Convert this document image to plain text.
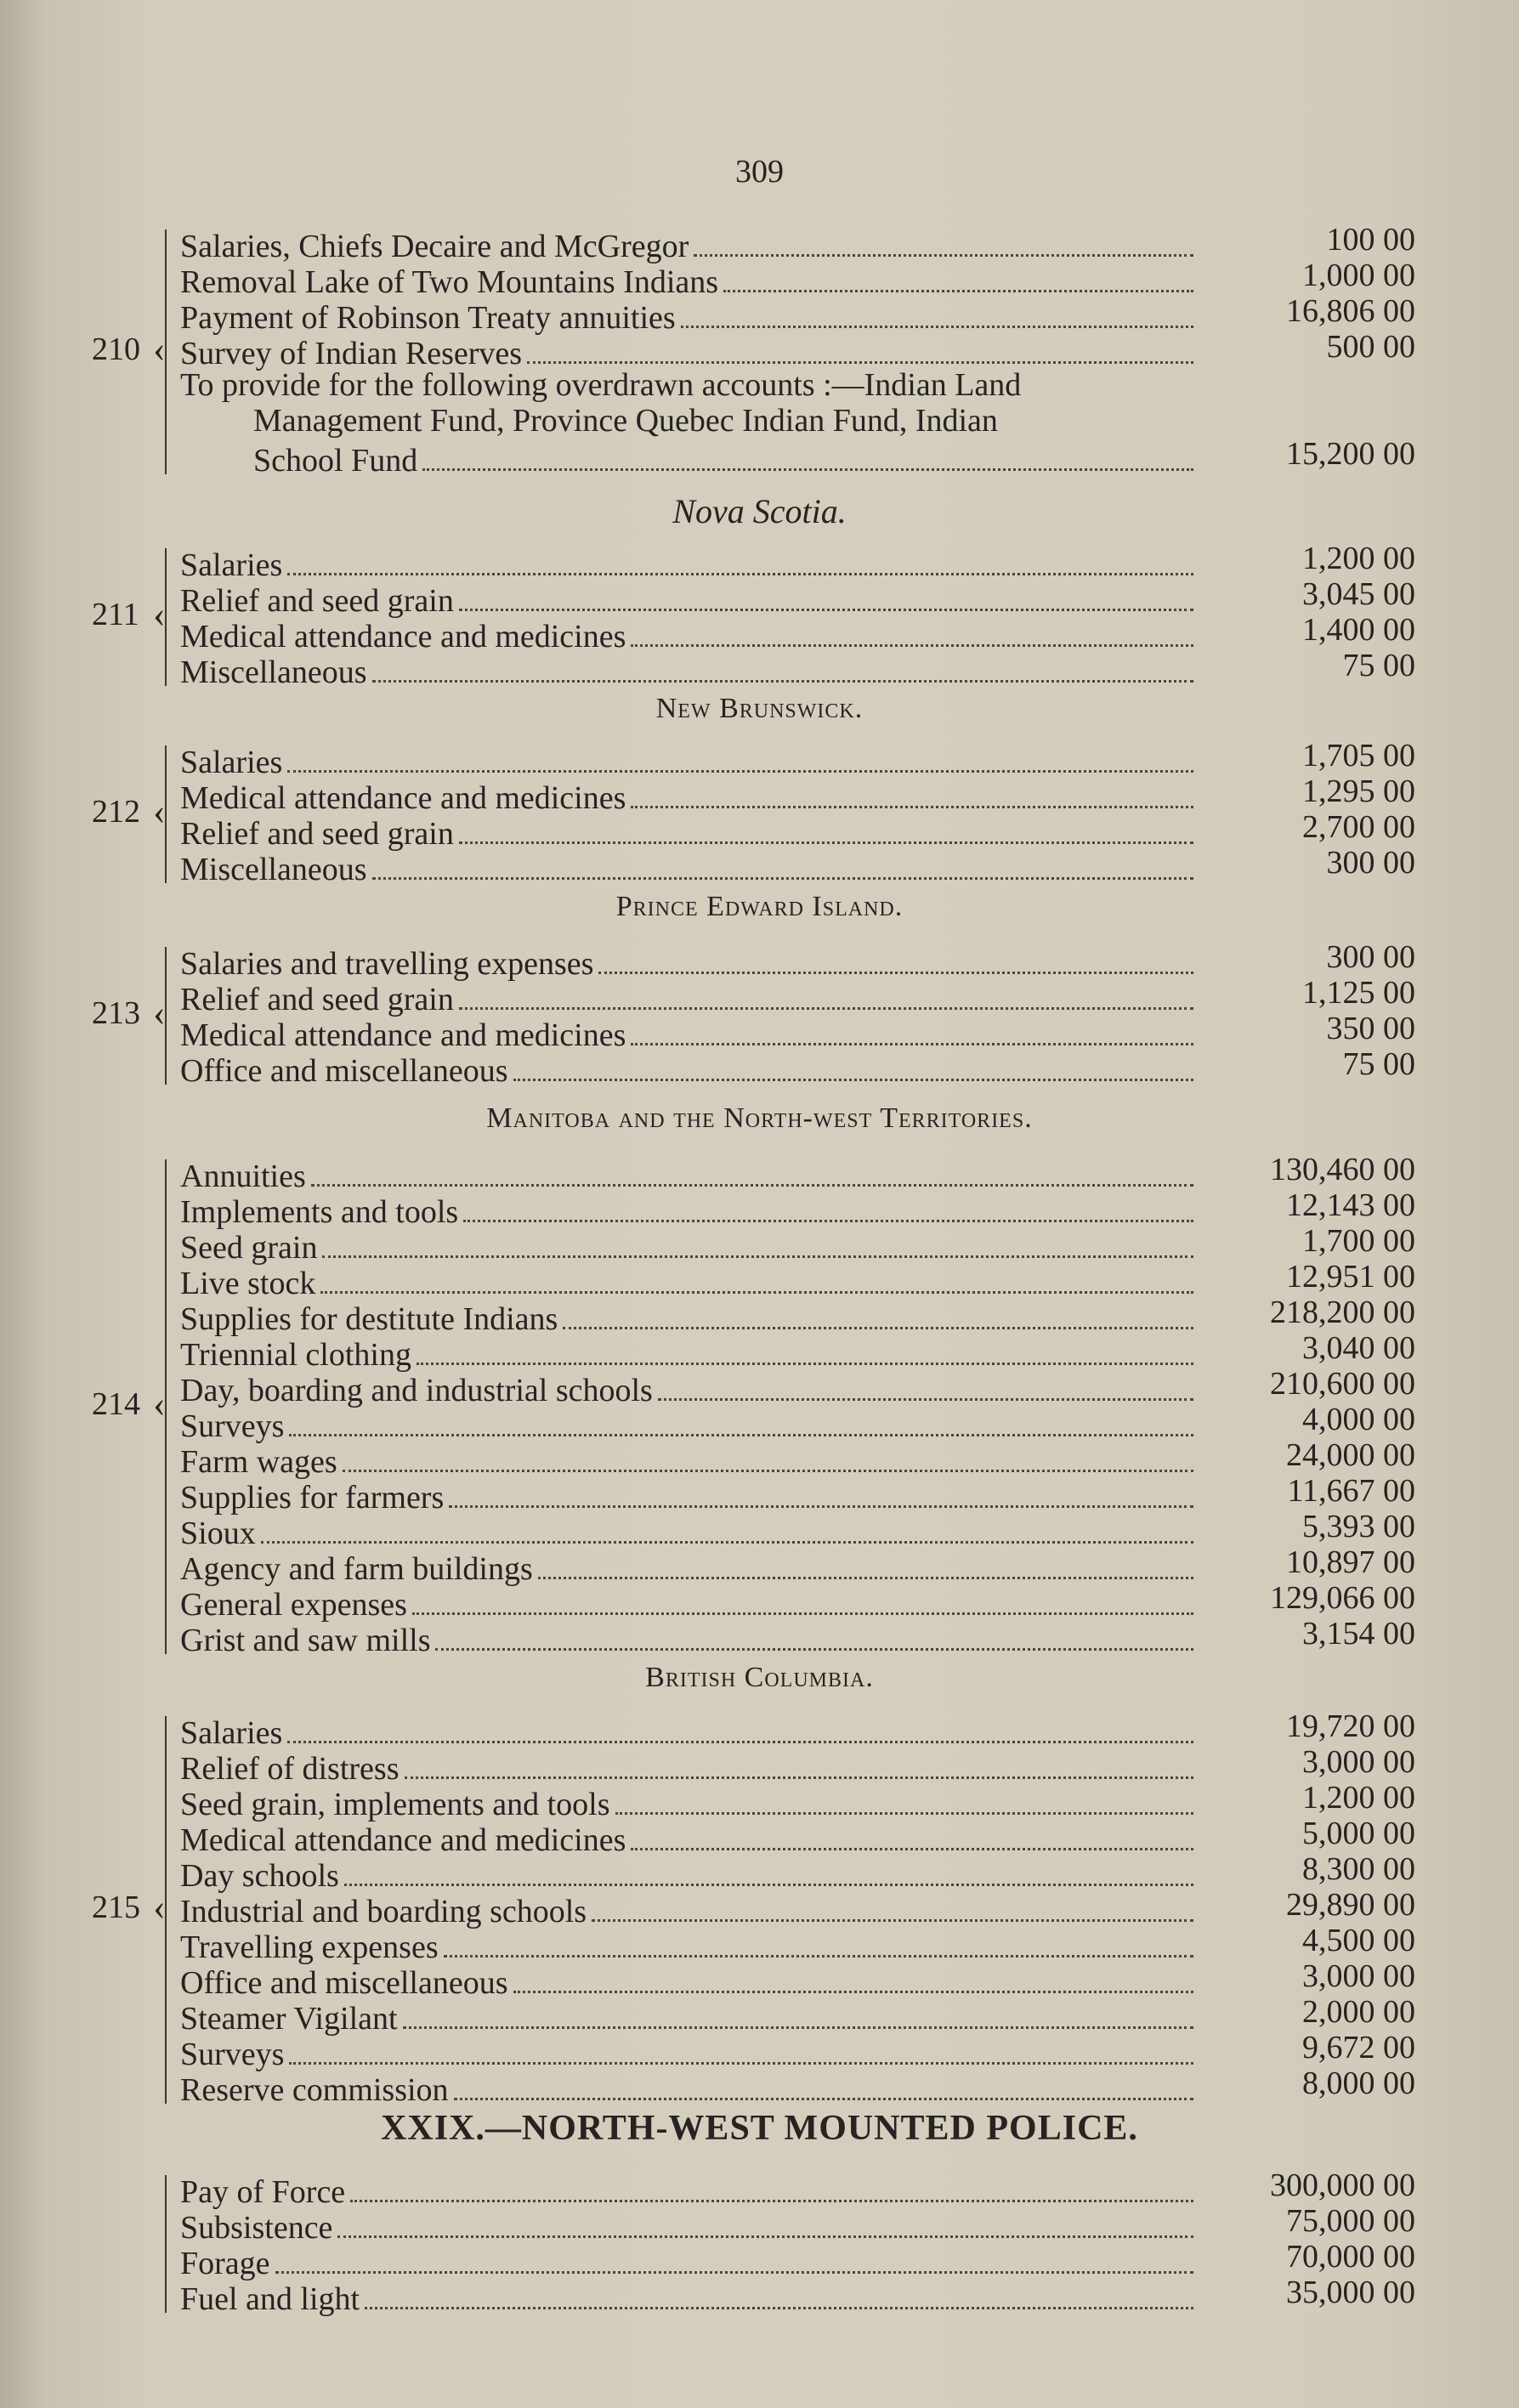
309
Salaries, Chiefs Decaire and McGregor	100 00
Removal Lake of Two Mountains Indians	1,000 00
Payment of Robinson Treaty annuities	16,806 00
Survey of Indian Reserves	500 00
To provide for the following overdrawn accounts :—Indian Land
Management Fund, Province Quebec Indian Fund, Indian
School Fund	15,200 00
210 ‹
Nova Scotia.
Salaries	1,200 00
Relief and seed grain	3,045 00
Medical attendance and medicines	1,400 00
Miscellaneous	75 00
211 ‹
New Brunswick.
Salaries	1,705 00
Medical attendance and medicines	1,295 00
Relief and seed grain	2,700 00
Miscellaneous	300 00
212 ‹
Prince Edward Island.
Salaries and travelling expenses	300 00
Relief and seed grain	1,125 00
Medical attendance and medicines	350 00
Office and miscellaneous	75 00
213 ‹
Manitoba and the North-west Territories.
Annuities	130,460 00
Implements and tools	12,143 00
Seed grain	1,700 00
Live stock	12,951 00
Supplies for destitute Indians	218,200 00
Triennial clothing	3,040 00
Day, boarding and industrial schools	210,600 00
Surveys	4,000 00
Farm wages	24,000 00
Supplies for farmers	11,667 00
Sioux	5,393 00
Agency and farm buildings	10,897 00
General expenses	129,066 00
Grist and saw mills	3,154 00
214 ‹
British Columbia.
Salaries	19,720 00
Relief of distress	3,000 00
Seed grain, implements and tools	1,200 00
Medical attendance and medicines	5,000 00
Day schools	8,300 00
Industrial and boarding schools	29,890 00
Travelling expenses	4,500 00
Office and miscellaneous	3,000 00
Steamer Vigilant	2,000 00
Surveys	9,672 00
Reserve commission	8,000 00
215 ‹
XXIX.—NORTH-WEST MOUNTED POLICE.
Pay of Force	300,000 00
Subsistence	75,000 00
Forage	70,000 00
Fuel and light	35,000 00
